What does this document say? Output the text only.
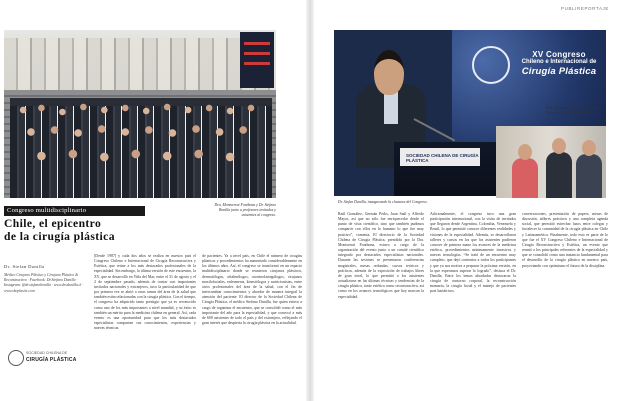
PUBLIREPORTAJE
Dra. Montserrat Fontbona y Dr. Stefano Bonilla junto a profesores invitados y asistentes al congreso.
Congreso multidisciplinario
Chile, el epicentro
de la cirugía plástica
Dr. Stefan Danilla
Médico Cirujano Plástico y Cirujano Plástico & Reconstructivo · Facebook: Dr.Stefano Danilla · Instagram: @dr.stefanobonilla · www.drsdanilla.cl · www.sbcplastic.com
SOCIEDAD CHILENA DE
CIRUGÍA PLÁSTICA
[Desde 1987] y cada dos años se realiza en nuestro país el Congreso Chileno e Internacional de Cirugía Reconstructiva y Estética, que reúne a los más destacados profesionales de la especialidad. Sin embargo, la última versión de este encuentro, la XV, que se desarrolló en Viña del Mar, entre el 31 de agosto y el 2 de septiembre pasado, además de contar con importantes invitados nacionales y extranjeros, tuvo la particularidad de que por primera vez se abrió a otras ramas del área de la salud que también están relacionadas con la cirugía plástica. Con el tiempo, el congreso ha adquirido tanto prestigio que ya es reconocido como uno de los más importantes a nivel mundial, y su éxito es también un mérito para la medicina chilena en general. Así, cada evento es una oportunidad para que los más destacados especialistas compartan sus conocimientos, experiencias y nuevas técnicas.
de pacientes. Ya a nivel país, en Chile el número de cirugías plásticas y procedimientos ha aumentado considerablemente en los últimos años. Así, el congreso se transformó en un espacio multidisciplinario donde se reunieron cirujanos plásticos, dermatólogos, oftalmólogos, otorrinolaringólogos, cirujanos maxilofaciales, enfermeras, kinesiólogos y nutricionistas, entre otros profesionales del área de la salud, con el fin de intercambiar conocimientos y abordar de manera integral la atención del paciente. El director de la Sociedad Chilena de Cirugía Plástica, el médico Stefano Danilla, fue quien estuvo a cargo de organizar el encuentro, que se consolidó como el más importante del año para la especialidad, y que convocó a más de 600 asistentes de todo el país y del extranjero, reflejando el gran interés que despierta la cirugía plástica en la actualidad.
XV Congreso
Chileno e Internacional de
Cirugía Plástica
SOCIEDAD CHILENA DE CIRUGÍA PLÁSTICA
Dr. Stefan Danilla, inaugurando la clausura del Congreso.
Dra. Montserrat Fontbona, Dr. Juan Soriano y Dr. Stefan Danilla.
Raúl González, Germán Perks, Juan Saúl y Alfredo Mayor, así que no sólo fue enriquecedor desde el punto de vista científico, sino que también pudimos compartir con ellos en lo humano lo que fue muy positivo”, comenta. El directorio de la Sociedad Chilena de Cirugía Plástica, presidido por la Dra. Montserrat Fontbona, estuvo a cargo de la organización del evento junto a un comité científico integrado por destacados especialistas nacionales. Durante las sesiones se presentaron conferencias magistrales, mesas redondas, cursos teóricos y prácticos, además de la exposición de trabajos libres de gran nivel, lo que permitió a los asistentes actualizarse en las últimas técnicas y tendencias de la cirugía plástica, tanto estética como reconstructiva, así como en los avances tecnológicos que hoy marcan la especialidad.
Adicionalmente, el congreso tuvo una gran participación internacional, con la visita de invitados que llegaron desde Argentina, Colombia, Venezuela y Brasil, lo que permitió conocer diferentes realidades y visiones de la especialidad. Además, se desarrollaron talleres y cursos en los que los asistentes pudieron conocer de primera mano los avances de la medicina estética, procedimientos mínimamente invasivos y nuevas tecnologías. “Se trató de un encuentro muy completo, que dejó contentos a todos los participantes y que ya nos motiva a preparar la próxima versión, en la que esperamos superar lo logrado”, destaca el Dr. Danilla. Entre los temas abordados destacaron la cirugía de contorno corporal, la reconstrucción mamaria, la cirugía facial y el manejo de pacientes post bariátricos.
conversaciones, presentación de papers, mesas de discusión, talleres prácticos y una completa agenda social, que permitió estrechar lazos entre colegas y fortalecer la comunidad de la cirugía plástica en Chile y Latinoamérica. Finalmente, todo esto es parte de lo que fue el XV Congreso Chileno e Internacional de Cirugía Reconstructiva y Estética, un evento que reunió a los principales referentes de la especialidad y que se consolidó como una instancia fundamental para el desarrollo de la cirugía plástica en nuestro país, proyectando con optimismo el futuro de la disciplina.
